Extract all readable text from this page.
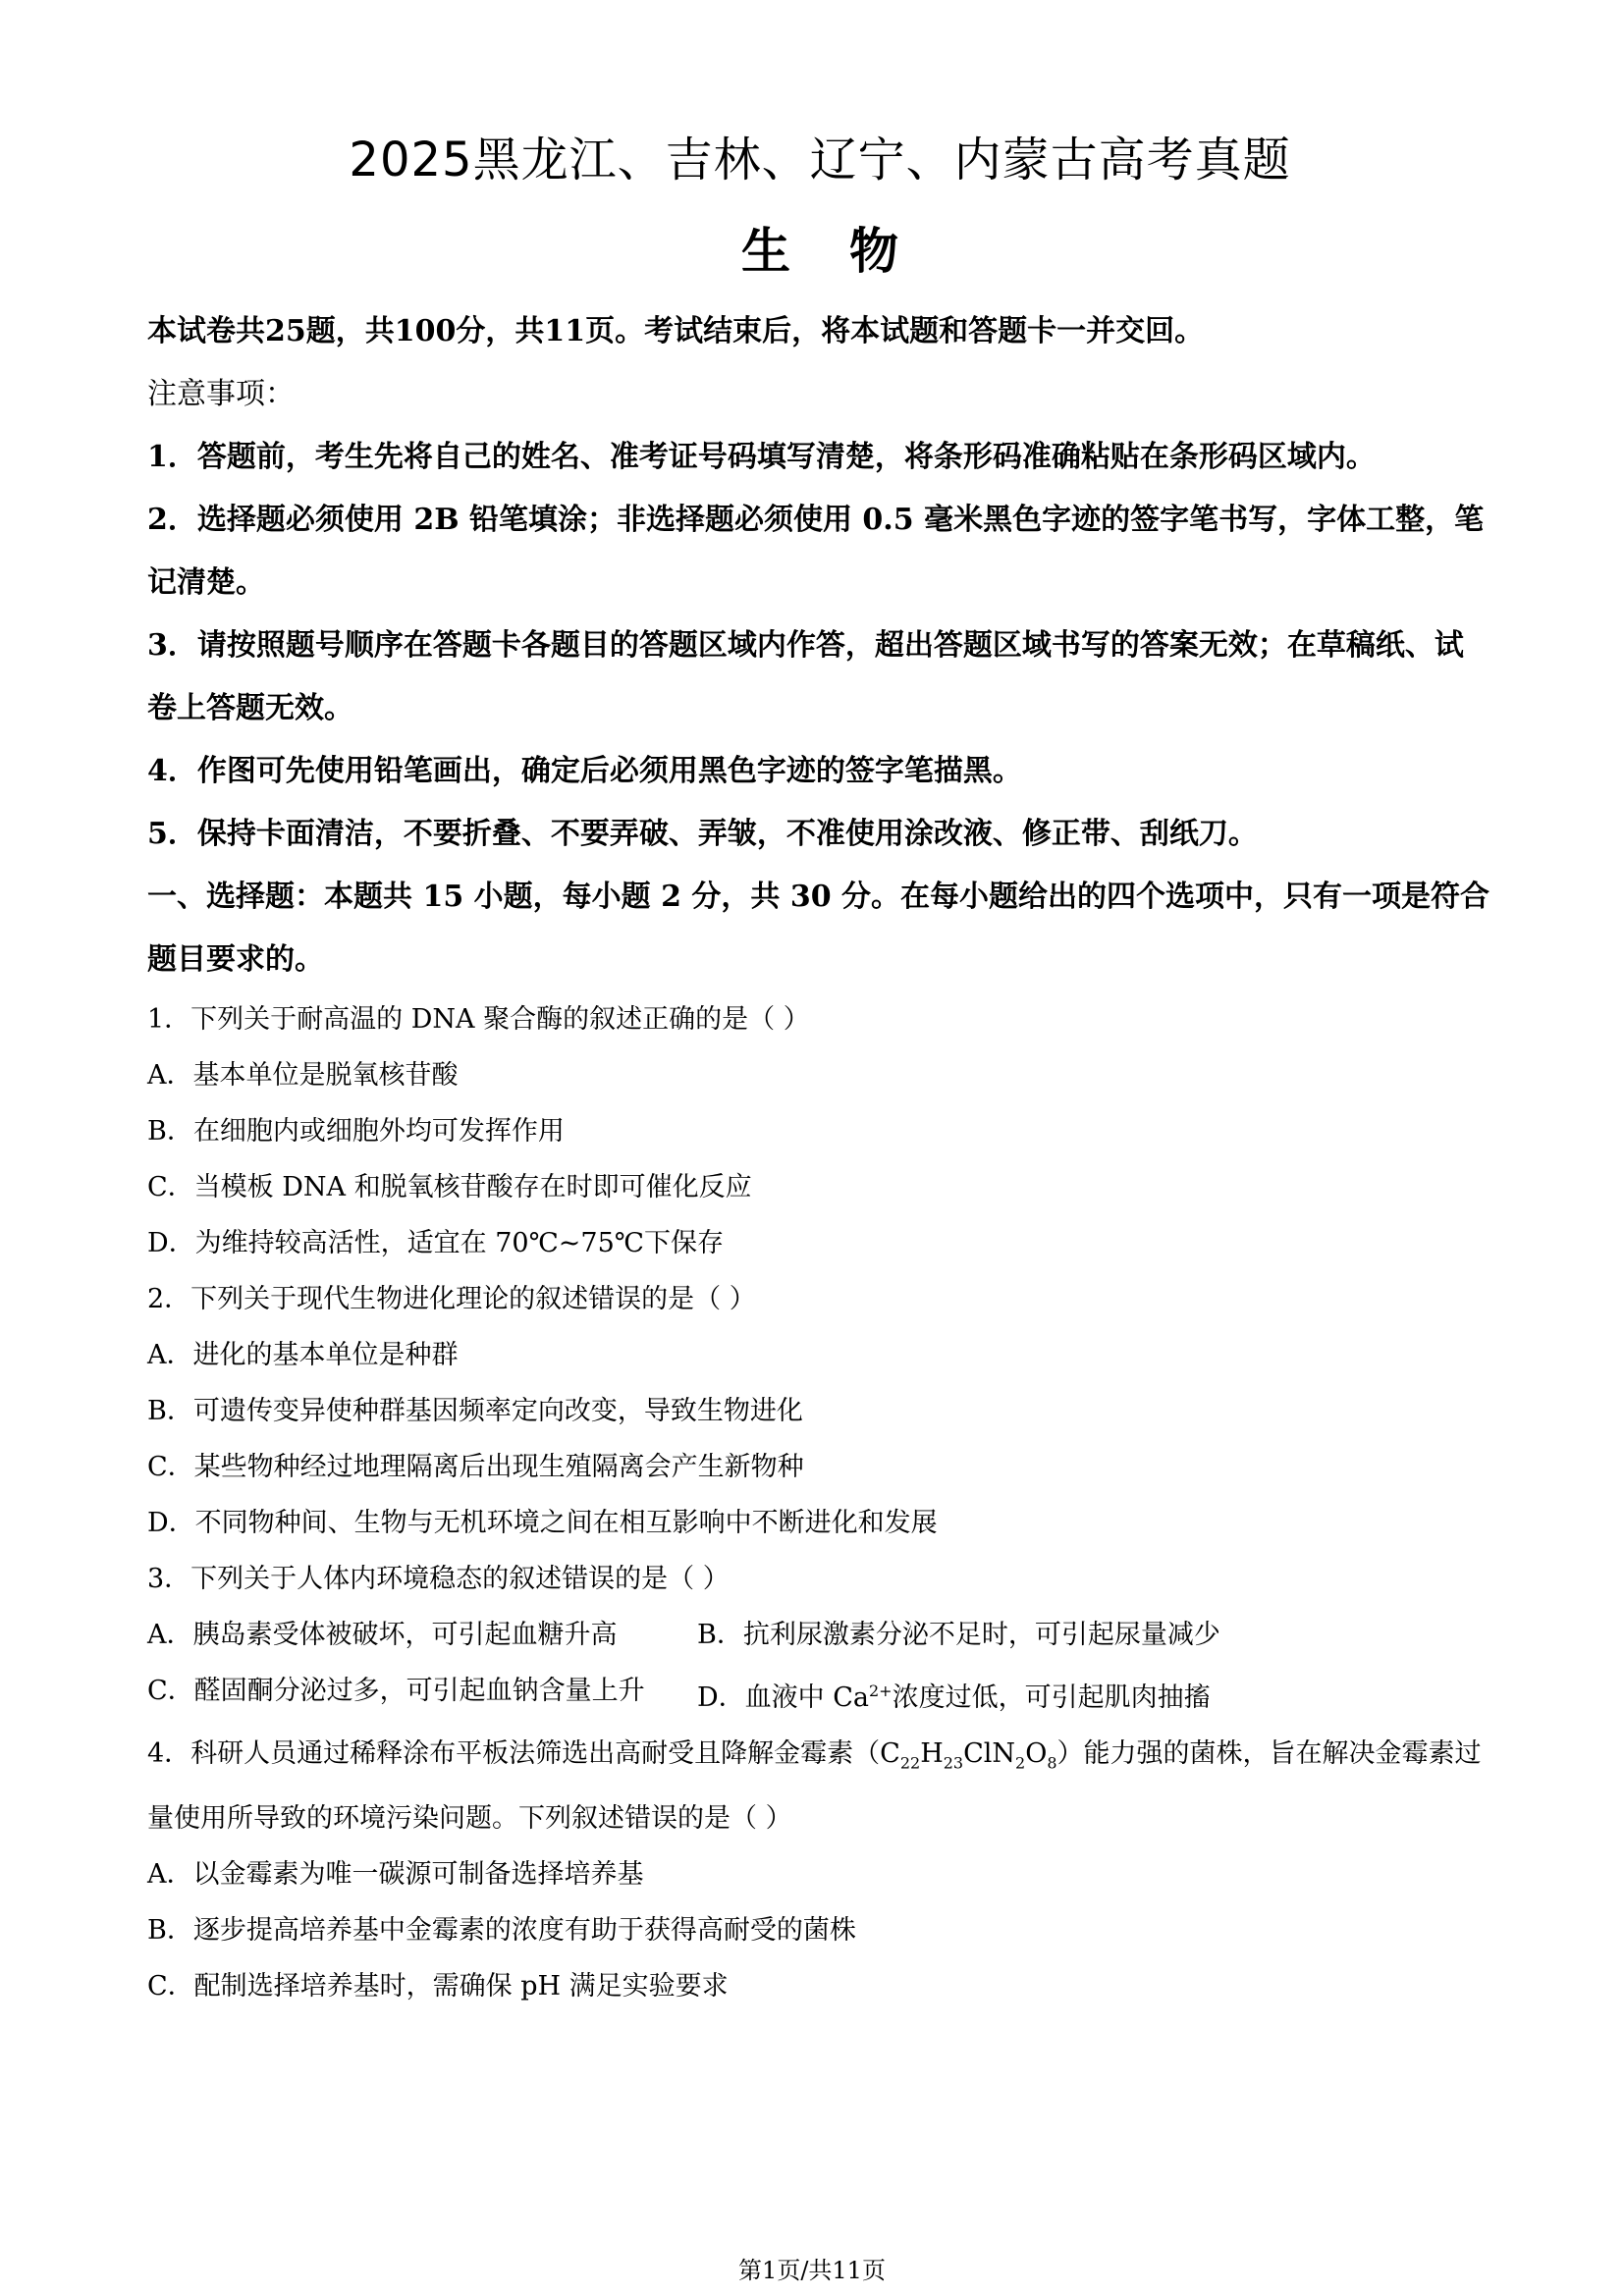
2025黑龙江、吉林、辽宁、内蒙古高考真题
生物

本试卷共25题，共100分，共11页。考试结束后，将本试题和答题卡一并交回。

注意事项：

1．答题前，考生先将自己的姓名、准考证号码填写清楚，将条形码准确粘贴在条形码区域内。

2．选择题必须使用 2B 铅笔填涂；非选择题必须使用 0.5 毫米黑色字迹的签字笔书写，字体工整，笔记清楚。

3．请按照题号顺序在答题卡各题目的答题区域内作答，超出答题区域书写的答案无效；在草稿纸、试卷上答题无效。

4．作图可先使用铅笔画出，确定后必须用黑色字迹的签字笔描黑。

5．保持卡面清洁，不要折叠、不要弄破、弄皱，不准使用涂改液、修正带、刮纸刀。

一、选择题：本题共 15 小题，每小题 2 分，共 30 分。在每小题给出的四个选项中，只有一项是符合题目要求的。

1．下列关于耐高温的 DNA 聚合酶的叙述正确的是（ ）

A．基本单位是脱氧核苷酸

B．在细胞内或细胞外均可发挥作用

C．当模板 DNA 和脱氧核苷酸存在时即可催化反应

D．为维持较高活性，适宜在 70℃~75℃下保存

2．下列关于现代生物进化理论的叙述错误的是（ ）

A．进化的基本单位是种群

B．可遗传变异使种群基因频率定向改变，导致生物进化

C．某些物种经过地理隔离后出现生殖隔离会产生新物种

D．不同物种间、生物与无机环境之间在相互影响中不断进化和发展

3．下列关于人体内环境稳态的叙述错误的是（ ）

A．胰岛素受体被破坏，可引起血糖升高	B．抗利尿激素分泌不足时，可引起尿量减少
C．醛固酮分泌过多，可引起血钠含量上升	D．血液中 $Ca^{2+}$浓度过低，可引起肌肉抽搐

4．科研人员通过稀释涂布平板法筛选出高耐受且降解金霉素$(C_{22}H_{23}ClN_2O_8)$能力强的菌株，旨在解决金霉素过量使用所导致的环境污染问题。下列叙述错误的是（ ）

A．以金霉素为唯一碳源可制备选择培养基

B．逐步提高培养基中金霉素的浓度有助于获得高耐受的菌株

C．配制选择培养基时，需确保 pH 满足实验要求

第1页/共11页
